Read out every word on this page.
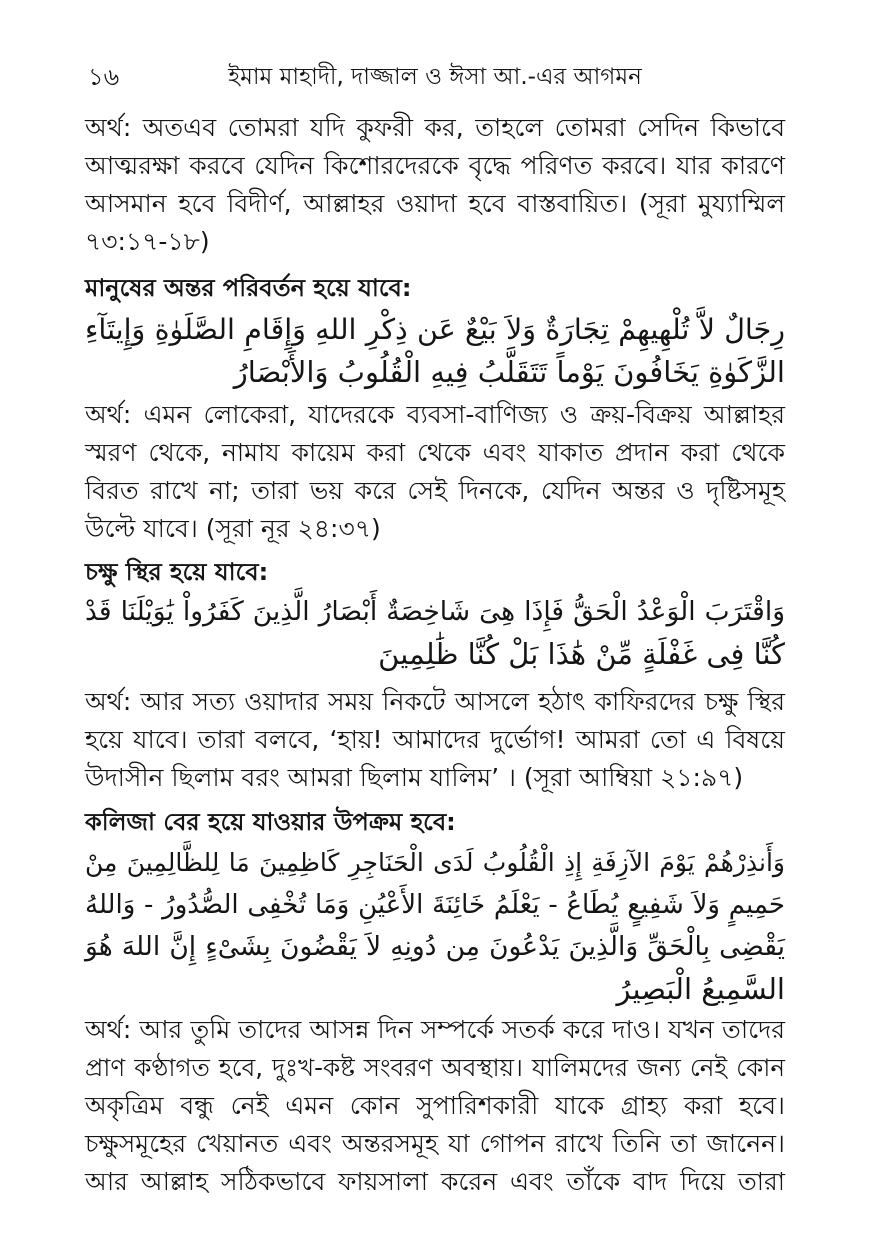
১৬	ইমাম মাহাদী, দাজ্জাল ও ঈসা আ.-এর আগমন
অর্থ: অতএব তোমরা যদি কুফরী কর, তাহলে তোমরা সেদিন কিভাবে
আত্মরক্ষা করবে যেদিন কিশোরদেরকে বৃদ্ধে পরিণত করবে। যার কারণে
আসমান হবে বিদীর্ণ, আল্লাহর ওয়াদা হবে বাস্তবায়িত। (সূরা মুয্যাম্মিল
৭৩:১৭-১৮)
মানুষের অন্তর পরিবর্তন হয়ে যাবে:
رِجَالٌ لاَّ تُلْهِيهِمْ تِجَارَةٌ وَلاَ بَيْعٌ عَن ذِكْرِ اللهِ وَإِقَامِ الصَّلَوٰةِ وَإِيتَآءِ
الزَّكَوٰةِ يَخَافُونَ يَوْماً تَتَقَلَّبُ فِيهِ الْقُلُوبُ وَالأَبْصَارُ
অর্থ: এমন লোকেরা, যাদেরকে ব্যবসা-বাণিজ্য ও ক্রয়-বিক্রয় আল্লাহর
স্মরণ থেকে, নামায কায়েম করা থেকে এবং যাকাত প্রদান করা থেকে
বিরত রাখে না; তারা ভয় করে সেই দিনকে, যেদিন অন্তর ও দৃষ্টিসমূহ
উল্টে যাবে। (সূরা নূর ২৪:৩৭)
চক্ষু স্থির হয়ে যাবে:
وَاقْتَرَبَ الْوَعْدُ الْحَقُّ فَإِذَا هِىَ شَاخِصَةٌ أَبْصَارُ الَّذِينَ كَفَرُواْ يَٰوَيْلَنَا قَدْ
كُنَّا فِى غَفْلَةٍ مِّنْ هَٰذَا بَلْ كُنَّا ظَٰلِمِينَ
অর্থ: আর সত্য ওয়াদার সময় নিকটে আসলে হঠাৎ কাফিরদের চক্ষু স্থির
হয়ে যাবে। তারা বলবে, ‘হায়! আমাদের দুর্ভোগ! আমরা তো এ বিষয়ে
উদাসীন ছিলাম বরং আমরা ছিলাম যালিম’ । (সূরা আম্বিয়া ২১:৯৭)
কলিজা বের হয়ে যাওয়ার উপক্রম হবে:
وَأَنذِرْهُمْ يَوْمَ الآزِفَةِ إِذِ الْقُلُوبُ لَدَى الْحَنَاجِرِ كَاظِمِينَ مَا لِلظَّالِمِينَ مِنْ
حَمِيمٍ وَلاَ شَفِيعٍ يُطَاعُ - يَعْلَمُ خَائِنَةَ الأَعْيُنِ وَمَا تُخْفِى الصُّدُورُ - وَاللهُ
يَقْضِى بِالْحَقِّ وَالَّذِينَ يَدْعُونَ مِن دُونِهِ لاَ يَقْضُونَ بِشَىْءٍ إِنَّ اللهَ هُوَ
السَّمِيعُ الْبَصِيرُ
অর্থ: আর তুমি তাদের আসন্ন দিন সম্পর্কে সতর্ক করে দাও। যখন তাদের
প্রাণ কণ্ঠাগত হবে, দুঃখ-কষ্ট সংবরণ অবস্থায়। যালিমদের জন্য নেই কোন
অকৃত্রিম বন্ধু নেই এমন কোন সুপারিশকারী যাকে গ্রাহ্য করা হবে।
চক্ষুসমূহের খেয়ানত এবং অন্তরসমূহ যা গোপন রাখে তিনি তা জানেন।
আর আল্লাহ সঠিকভাবে ফায়সালা করেন এবং তাঁকে বাদ দিয়ে তারা
